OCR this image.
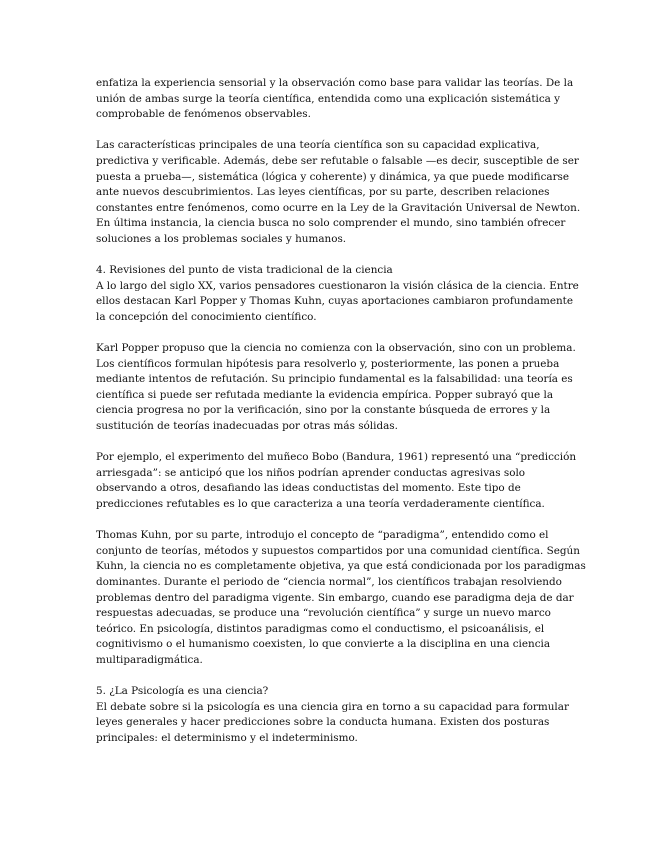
enfatiza la experiencia sensorial y la observación como base para validar las teorías. De la
unión de ambas surge la teoría científica, entendida como una explicación sistemática y
comprobable de fenómenos observables.

Las características principales de una teoría científica son su capacidad explicativa,
predictiva y verificable. Además, debe ser refutable o falsable —es decir, susceptible de ser
puesta a prueba—, sistemática (lógica y coherente) y dinámica, ya que puede modificarse
ante nuevos descubrimientos. Las leyes científicas, por su parte, describen relaciones
constantes entre fenómenos, como ocurre en la Ley de la Gravitación Universal de Newton.
En última instancia, la ciencia busca no solo comprender el mundo, sino también ofrecer
soluciones a los problemas sociales y humanos.

4. Revisiones del punto de vista tradicional de la ciencia
A lo largo del siglo XX, varios pensadores cuestionaron la visión clásica de la ciencia. Entre
ellos destacan Karl Popper y Thomas Kuhn, cuyas aportaciones cambiaron profundamente
la concepción del conocimiento científico.

Karl Popper propuso que la ciencia no comienza con la observación, sino con un problema.
Los científicos formulan hipótesis para resolverlo y, posteriormente, las ponen a prueba
mediante intentos de refutación. Su principio fundamental es la falsabilidad: una teoría es
científica si puede ser refutada mediante la evidencia empírica. Popper subrayó que la
ciencia progresa no por la verificación, sino por la constante búsqueda de errores y la
sustitución de teorías inadecuadas por otras más sólidas.

Por ejemplo, el experimento del muñeco Bobo (Bandura, 1961) representó una “predicción
arriesgada”: se anticipó que los niños podrían aprender conductas agresivas solo
observando a otros, desafiando las ideas conductistas del momento. Este tipo de
predicciones refutables es lo que caracteriza a una teoría verdaderamente científica.

Thomas Kuhn, por su parte, introdujo el concepto de “paradigma”, entendido como el
conjunto de teorías, métodos y supuestos compartidos por una comunidad científica. Según
Kuhn, la ciencia no es completamente objetiva, ya que está condicionada por los paradigmas
dominantes. Durante el periodo de “ciencia normal”, los científicos trabajan resolviendo
problemas dentro del paradigma vigente. Sin embargo, cuando ese paradigma deja de dar
respuestas adecuadas, se produce una “revolución científica” y surge un nuevo marco
teórico. En psicología, distintos paradigmas como el conductismo, el psicoanálisis, el
cognitivismo o el humanismo coexisten, lo que convierte a la disciplina en una ciencia
multiparadigmática.

5. ¿La Psicología es una ciencia?
El debate sobre si la psicología es una ciencia gira en torno a su capacidad para formular
leyes generales y hacer predicciones sobre la conducta humana. Existen dos posturas
principales: el determinismo y el indeterminismo.
